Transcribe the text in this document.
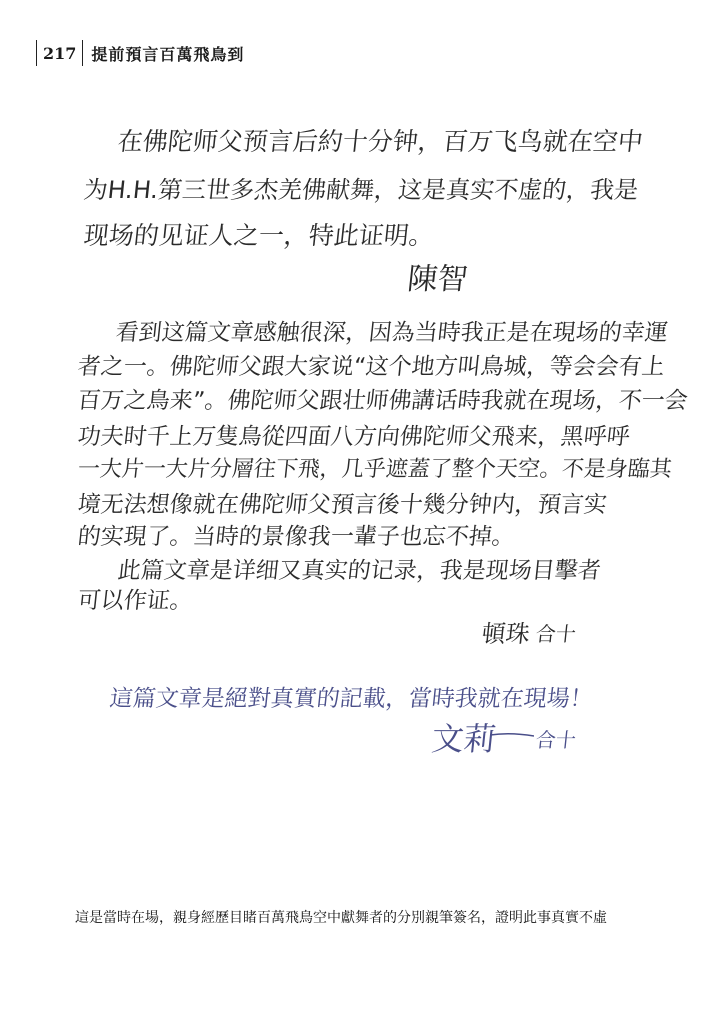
217 提前預言百萬飛鳥到
在佛陀师父预言后約十分钟，百万飞鸟就在空中
为H.H.第三世多杰羌佛献舞，这是真实不虚的，我是
现场的见证人之一，特此证明。
陳智
看到这篇文章感触很深，因為当時我正是在現场的幸運
者之一。佛陀师父跟大家说“这个地方叫鳥城，等会会有上
百万之鳥来”。佛陀师父跟壮师佛講话時我就在現场，不一会
功夫时千上万隻鳥從四面八方向佛陀师父飛来，黑呼呼
一大片一大片分層往下飛，几乎遮蓋了整个天空。不是身臨其
境无法想像就在佛陀师父預言後十幾分钟内，預言实
的实現了。当時的景像我一輩子也忘不掉。
此篇文章是详细又真实的记录，我是现场目擊者
可以作证。
頓珠 合十
這篇文章是絕對真實的記載，當時我就在現場！
文莉 合十
這是當時在場，親身經歷目睹百萬飛鳥空中獻舞者的分別親筆簽名，證明此事真實不虛
